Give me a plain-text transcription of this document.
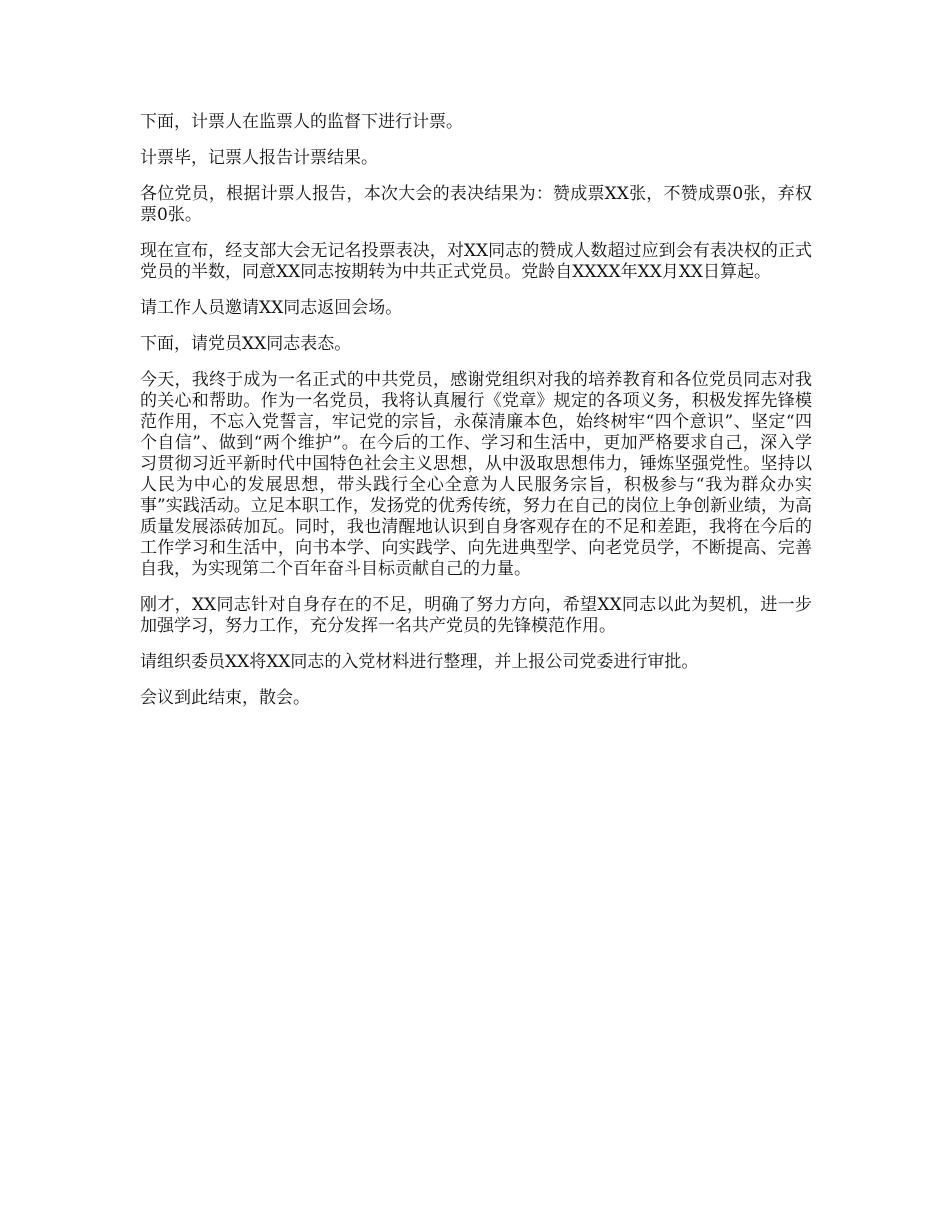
下面，计票人在监票人的监督下进行计票。

计票毕，记票人报告计票结果。

各位党员，根据计票人报告，本次大会的表决结果为：赞成票XX张，不赞成票0张，弃权票0张。

现在宣布，经支部大会无记名投票表决，对XX同志的赞成人数超过应到会有表决权的正式党员的半数，同意XX同志按期转为中共正式党员。党龄自XXXX年XX月XX日算起。

请工作人员邀请XX同志返回会场。

下面，请党员XX同志表态。

今天，我终于成为一名正式的中共党员，感谢党组织对我的培养教育和各位党员同志对我的关心和帮助。作为一名党员，我将认真履行《党章》规定的各项义务，积极发挥先锋模范作用，不忘入党誓言，牢记党的宗旨，永葆清廉本色，始终树牢“四个意识”、坚定“四个自信”、做到“两个维护”。在今后的工作、学习和生活中，更加严格要求自己，深入学习贯彻习近平新时代中国特色社会主义思想，从中汲取思想伟力，锤炼坚强党性。坚持以人民为中心的发展思想，带头践行全心全意为人民服务宗旨，积极参与“我为群众办实事”实践活动。立足本职工作，发扬党的优秀传统，努力在自己的岗位上争创新业绩，为高质量发展添砖加瓦。同时，我也清醒地认识到自身客观存在的不足和差距，我将在今后的工作学习和生活中，向书本学、向实践学、向先进典型学、向老党员学，不断提高、完善自我，为实现第二个百年奋斗目标贡献自己的力量。

刚才，XX同志针对自身存在的不足，明确了努力方向，希望XX同志以此为契机，进一步加强学习，努力工作，充分发挥一名共产党员的先锋模范作用。

请组织委员XX将XX同志的入党材料进行整理，并上报公司党委进行审批。

会议到此结束，散会。
